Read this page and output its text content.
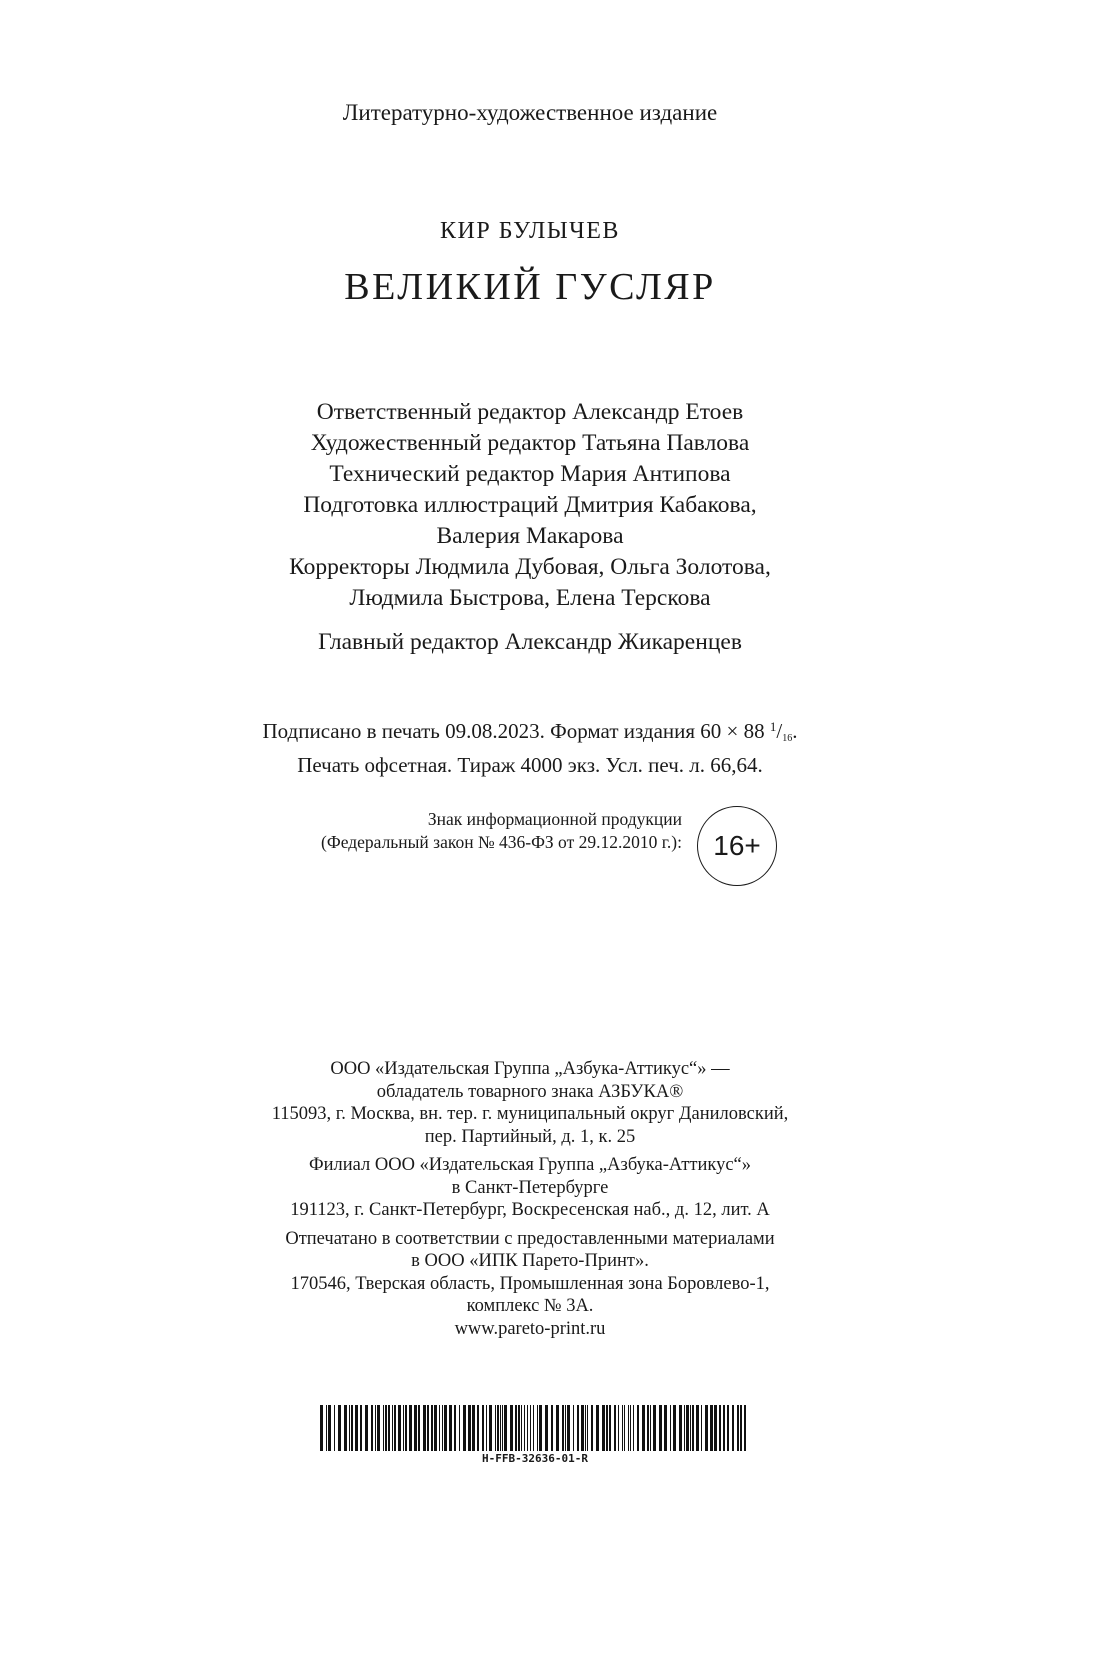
Литературно-художественное издание
КИР БУЛЫЧЕВ
ВЕЛИКИЙ ГУСЛЯР
Ответственный редактор Александр Етоев
Художественный редактор Татьяна Павлова
Технический редактор Мария Антипова
Подготовка иллюстраций Дмитрия Кабакова,
Валерия Макарова
Корректоры Людмила Дубовая, Ольга Золотова,
Людмила Быстрова, Елена Терскова
Главный редактор Александр Жикаренцев
Подписано в печать 09.08.2023. Формат издания 60 × 88 $^1$/16.
Печать офсетная. Тираж 4000 экз. Усл. печ. л. 66,64.
Знак информационной продукции
(Федеральный закон № 436-ФЗ от 29.12.2010 г.): 16+
ООО «Издательская Группа „Азбука-Аттикус“» —
обладатель товарного знака АЗБУКА®
115093, г. Москва, вн. тер. г. муниципальный округ Даниловский,
пер. Партийный, д. 1, к. 25
Филиал ООО «Издательская Группа „Азбука-Аттикус“»
в Санкт-Петербурге
191123, г. Санкт-Петербург, Воскресенская наб., д. 12, лит. А
Отпечатано в соответствии с предоставленными материалами
в ООО «ИПК Парето-Принт».
170546, Тверская область, Промышленная зона Боровлево-1,
комплекс № 3А.
www.pareto-print.ru
H-FFB-32636-01-R
